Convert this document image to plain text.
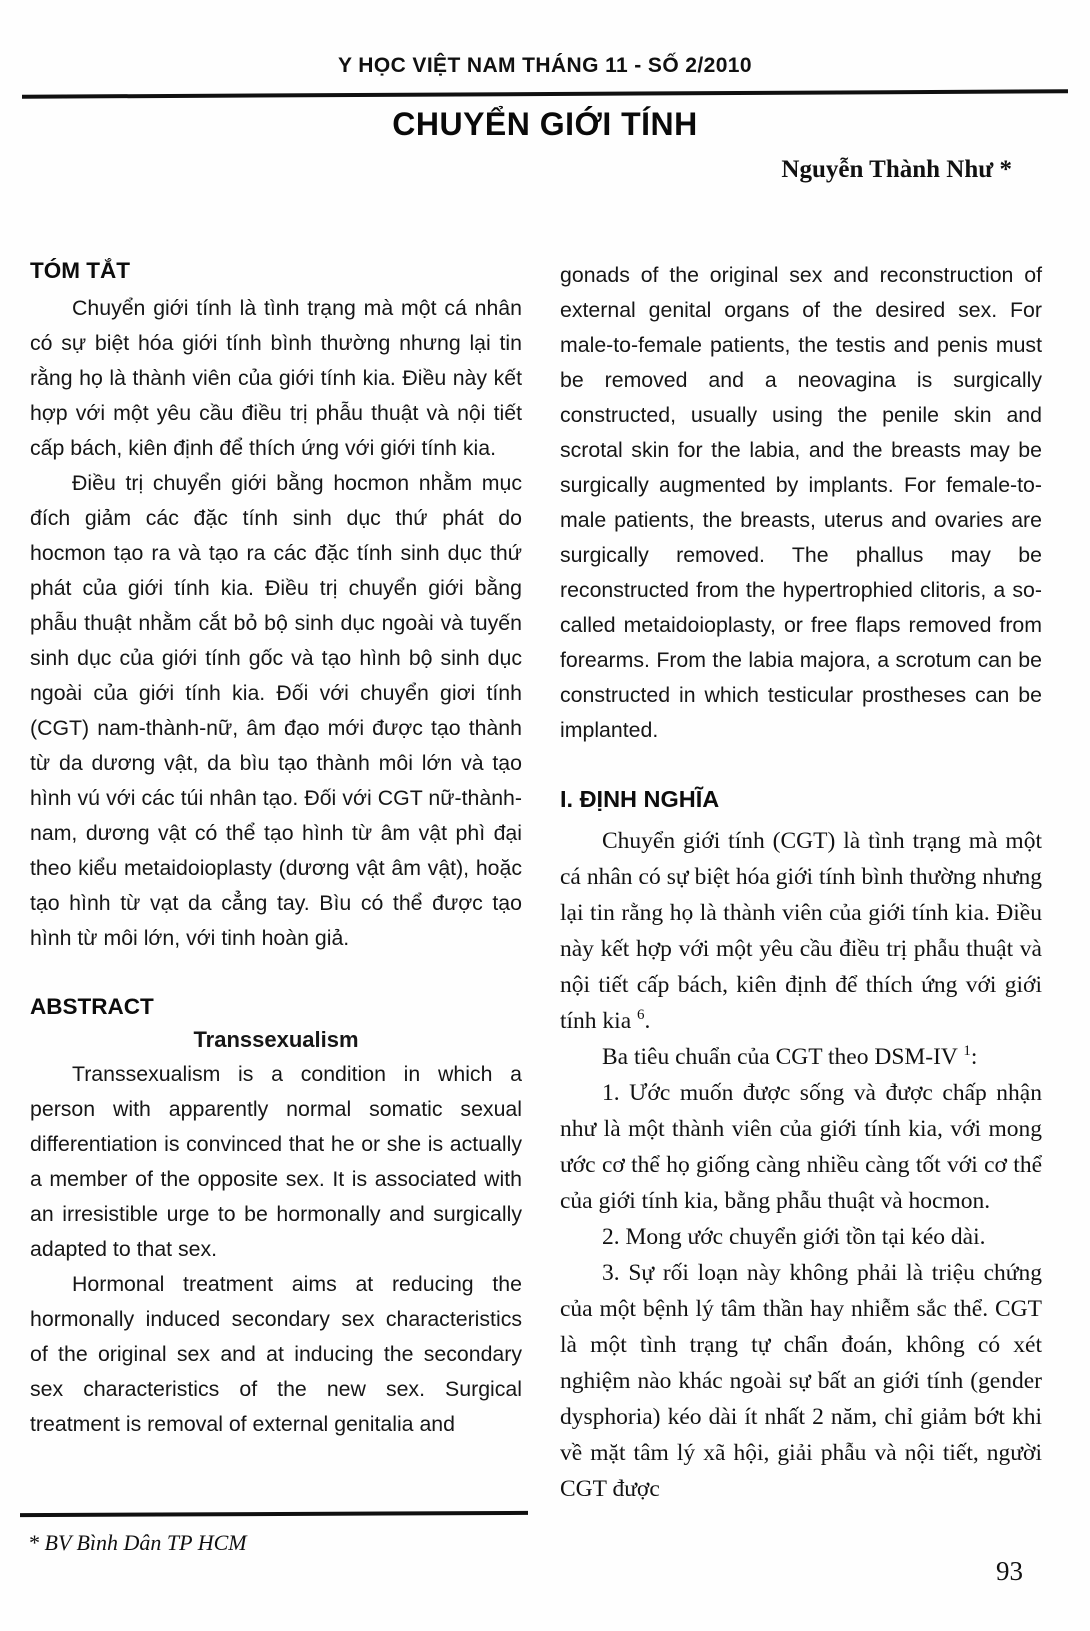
Y HỌC VIỆT NAM THÁNG 11 - SỐ 2/2010
CHUYỂN GIỚI TÍNH
Nguyễn Thành Như *
TÓM TẮT

Chuyển giới tính là tình trạng mà một cá nhân có sự biệt hóa giới tính bình thường nhưng lại tin rằng họ là thành viên của giới tính kia. Điều này kết hợp với một yêu cầu điều trị phẫu thuật và nội tiết cấp bách, kiên định để thích ứng với giới tính kia.

Điều trị chuyển giới bằng hocmon nhằm mục đích giảm các đặc tính sinh dục thứ phát do hocmon tạo ra và tạo ra các đặc tính sinh dục thứ phát của giới tính kia. Điều trị chuyển giới bằng phẫu thuật nhằm cắt bỏ bộ sinh dục ngoài và tuyến sinh dục của giới tính gốc và tạo hình bộ sinh dục ngoài của giới tính kia. Đối với chuyển giơi tính (CGT) nam-thành-nữ, âm đạo mới được tạo thành từ da dương vật, da bìu tạo thành môi lớn và tạo hình vú với các túi nhân tạo. Đối với CGT nữ-thành-nam, dương vật có thể tạo hình từ âm vật phì đại theo kiểu metaidoioplasty (dương vật âm vật), hoặc tạo hình từ vạt da cẳng tay. Bìu có thể được tạo hình từ môi lớn, với tinh hoàn giả.

ABSTRACT
Transsexualism

Transsexualism is a condition in which a person with apparently normal somatic sexual differentiation is convinced that he or she is actually a member of the opposite sex. It is associated with an irresistible urge to be hormonally and surgically adapted to that sex.

Hormonal treatment aims at reducing the hormonally induced secondary sex characteristics of the original sex and at inducing the secondary sex characteristics of the new sex. Surgical treatment is removal of external genitalia and

gonads of the original sex and reconstruction of external genital organs of the desired sex. For male-to-female patients, the testis and penis must be removed and a neovagina is surgically constructed, usually using the penile skin and scrotal skin for the labia, and the breasts may be surgically augmented by implants. For female-to-male patients, the breasts, uterus and ovaries are surgically removed. The phallus may be reconstructed from the hypertrophied clitoris, a so-called metaidoioplasty, or free flaps removed from forearms. From the labia majora, a scrotum can be constructed in which testicular prostheses can be implanted.

I. ĐỊNH NGHĨA

Chuyển giới tính (CGT) là tình trạng mà một cá nhân có sự biệt hóa giới tính bình thường nhưng lại tin rằng họ là thành viên của giới tính kia. Điều này kết hợp với một yêu cầu điều trị phẫu thuật và nội tiết cấp bách, kiên định để thích ứng với giới tính kia $^6$.

Ba tiêu chuẩn của CGT theo DSM-IV $^1$:

1. Ước muốn được sống và được chấp nhận như là một thành viên của giới tính kia, với mong ước cơ thể họ giống càng nhiều càng tốt với cơ thể của giới tính kia, bằng phẫu thuật và hocmon.

2. Mong ước chuyển giới tồn tại kéo dài.

3. Sự rối loạn này không phải là triệu chứng của một bệnh lý tâm thần hay nhiễm sắc thể. CGT là một tình trạng tự chẩn đoán, không có xét nghiệm nào khác ngoài sự bất an giới tính (gender dysphoria) kéo dài ít nhất 2 năm, chỉ giảm bớt khi về mặt tâm lý xã hội, giải phẫu và nội tiết, người CGT được

* BV Bình Dân TP HCM
93
